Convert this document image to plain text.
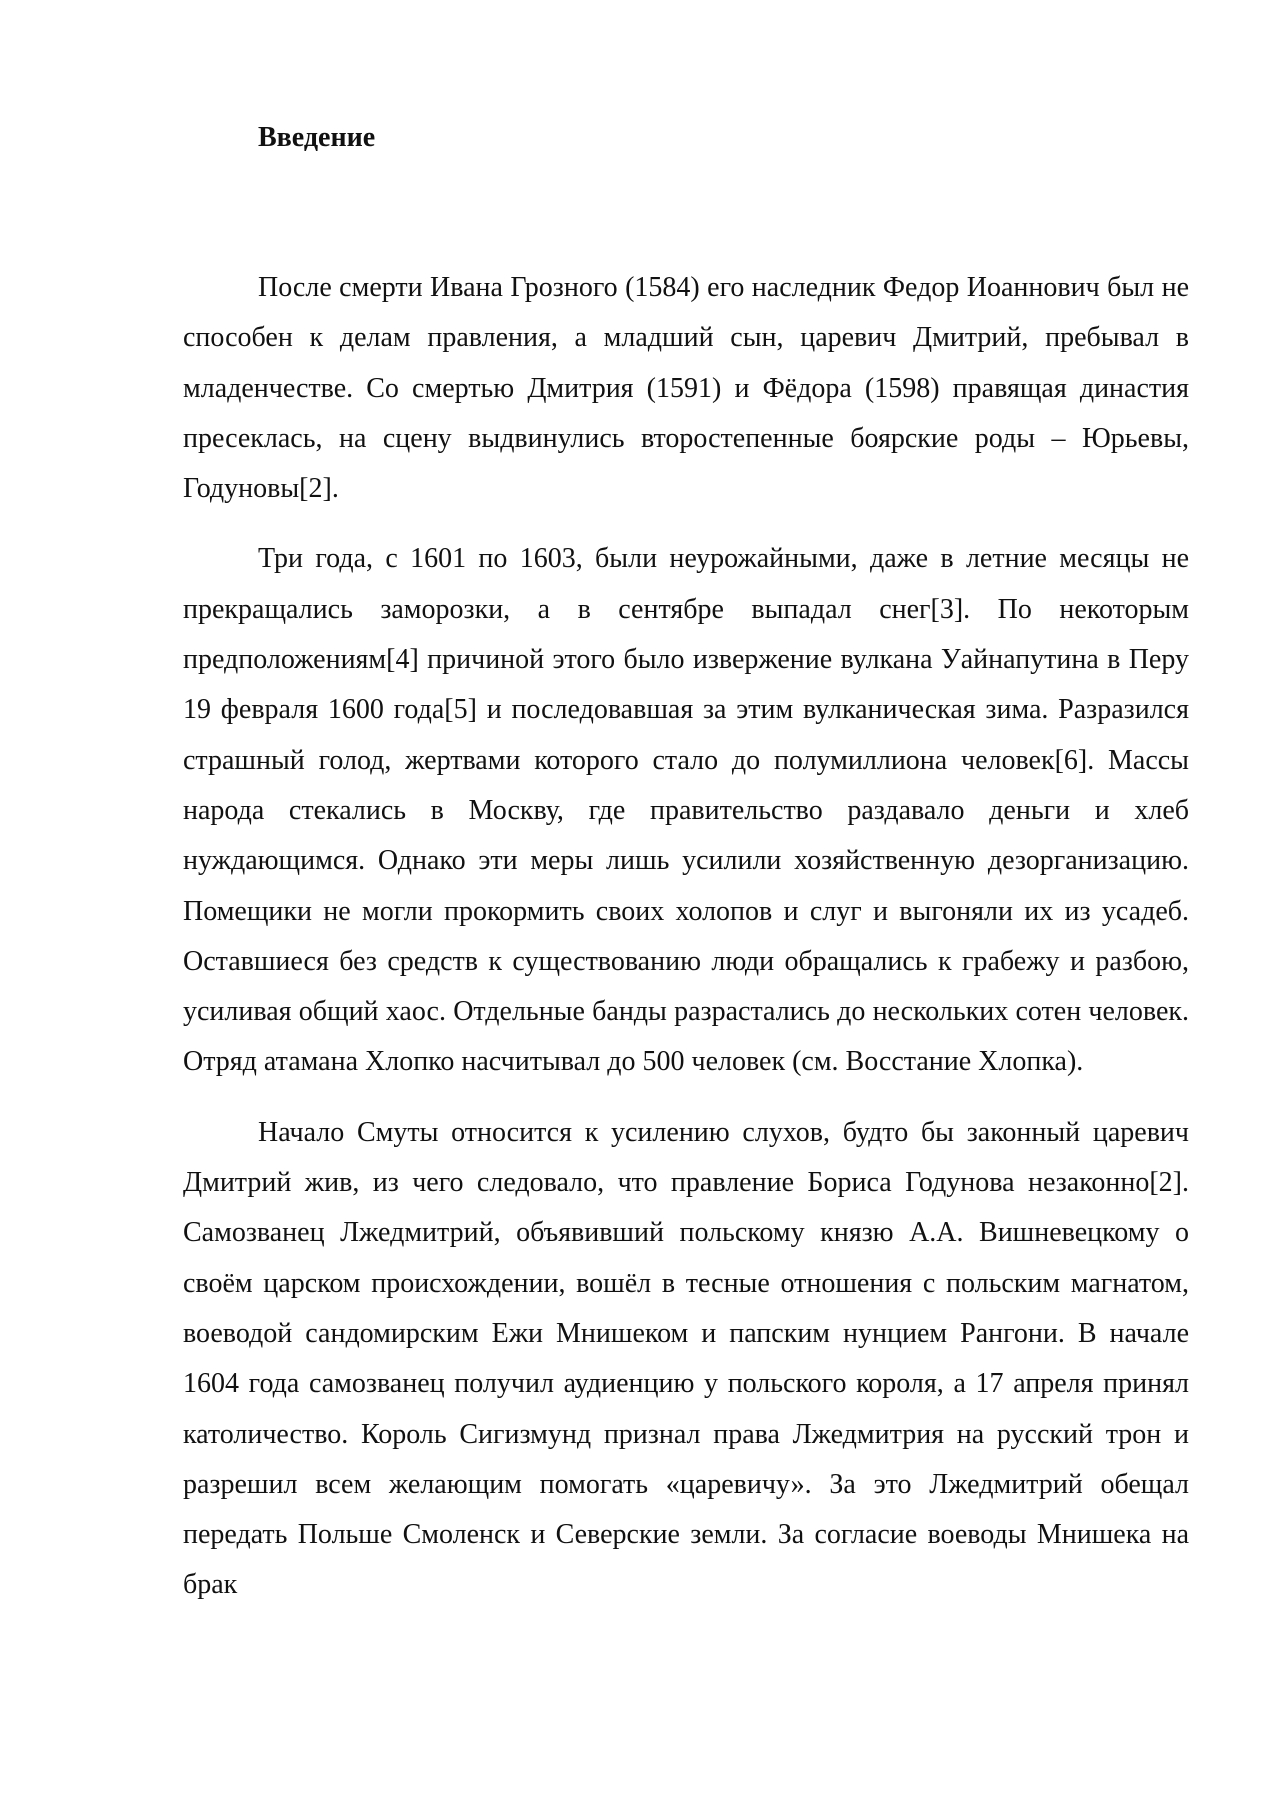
Введение

После смерти Ивана Грозного (1584) его наследник Федор Иоаннович был не способен к делам правления, а младший сын, царевич Дмитрий, пребывал в младенчестве. Со смертью Дмитрия (1591) и Фёдора (1598) правящая династия пресеклась, на сцену выдвинулись второстепенные боярские роды – Юрьевы, Годуновы[2].

Три года, с 1601 по 1603, были неурожайными, даже в летние месяцы не прекращались заморозки, а в сентябре выпадал снег[3]. По некоторым предположениям[4] причиной этого было извержение вулкана Уайнапутина в Перу 19 февраля 1600 года[5] и последовавшая за этим вулканическая зима. Разразился страшный голод, жертвами которого стало до полумиллиона человек[6]. Массы народа стекались в Москву, где правительство раздавало деньги и хлеб нуждающимся. Однако эти меры лишь усилили хозяйственную дезорганизацию. Помещики не могли прокормить своих холопов и слуг и выгоняли их из усадеб. Оставшиеся без средств к существованию люди обращались к грабежу и разбою, усиливая общий хаос. Отдельные банды разрастались до нескольких сотен человек. Отряд атамана Хлопко насчитывал до 500 человек (см. Восстание Хлопка).

Начало Смуты относится к усилению слухов, будто бы законный царевич Дмитрий жив, из чего следовало, что правление Бориса Годунова незаконно[2]. Самозванец Лжедмитрий, объявивший польскому князю А.А. Вишневецкому о своём царском происхождении, вошёл в тесные отношения с польским магнатом, воеводой сандомирским Ежи Мнишеком и папским нунцием Рангони. В начале 1604 года самозванец получил аудиенцию у польского короля, а 17 апреля принял католичество. Король Сигизмунд признал права Лжедмитрия на русский трон и разрешил всем желающим помогать «царевичу». За это Лжедмитрий обещал передать Польше Смоленск и Северские земли. За согласие воеводы Мнишека на брак
